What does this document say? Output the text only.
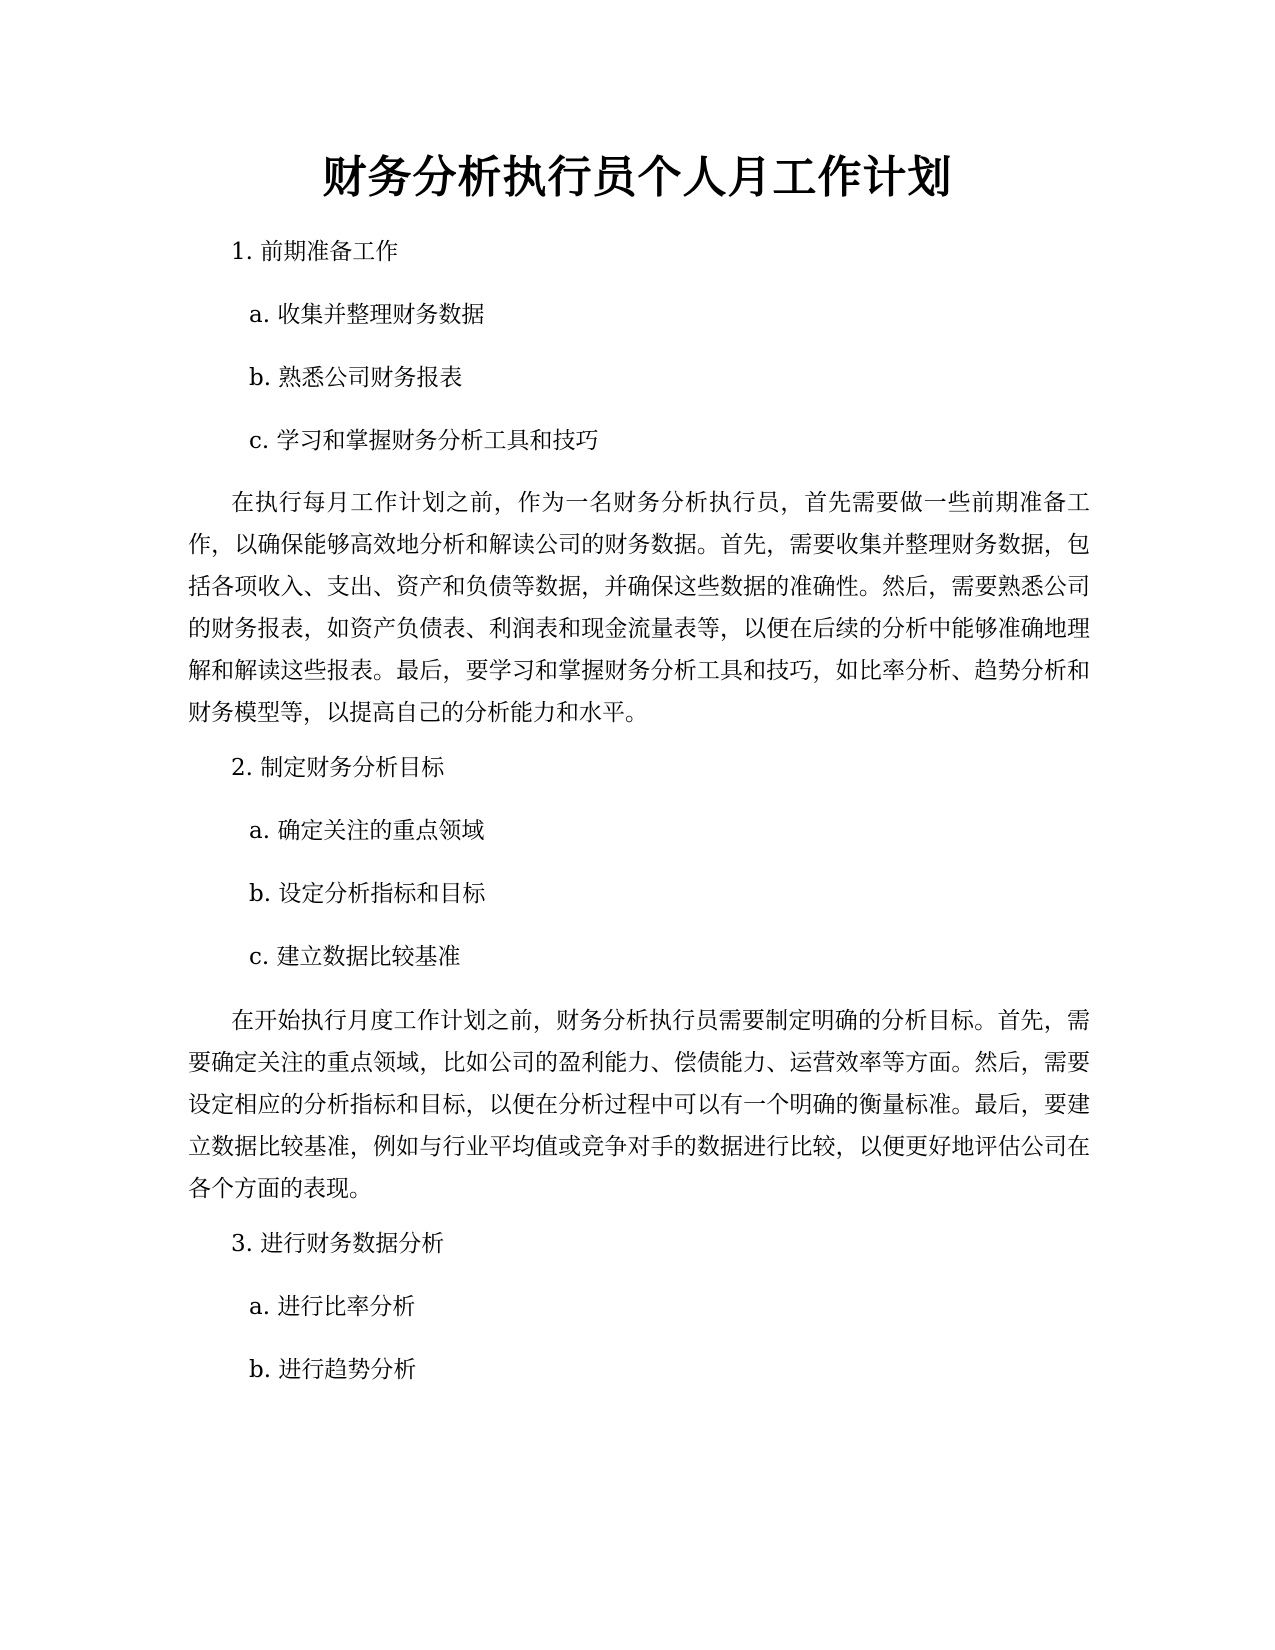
财务分析执行员个人月工作计划
1. 前期准备工作
a. 收集并整理财务数据
b. 熟悉公司财务报表
c. 学习和掌握财务分析工具和技巧

在执行每月工作计划之前，作为一名财务分析执行员，首先需要做一些前期准备工作，以确保能够高效地分析和解读公司的财务数据。首先，需要收集并整理财务数据，包括各项收入、支出、资产和负债等数据，并确保这些数据的准确性。然后，需要熟悉公司的财务报表，如资产负债表、利润表和现金流量表等，以便在后续的分析中能够准确地理解和解读这些报表。最后，要学习和掌握财务分析工具和技巧，如比率分析、趋势分析和财务模型等，以提高自己的分析能力和水平。

2. 制定财务分析目标
a. 确定关注的重点领域
b. 设定分析指标和目标
c. 建立数据比较基准

在开始执行月度工作计划之前，财务分析执行员需要制定明确的分析目标。首先，需要确定关注的重点领域，比如公司的盈利能力、偿债能力、运营效率等方面。然后，需要设定相应的分析指标和目标，以便在分析过程中可以有一个明确的衡量标准。最后，要建立数据比较基准，例如与行业平均值或竞争对手的数据进行比较，以便更好地评估公司在各个方面的表现。

3. 进行财务数据分析
a. 进行比率分析
b. 进行趋势分析
